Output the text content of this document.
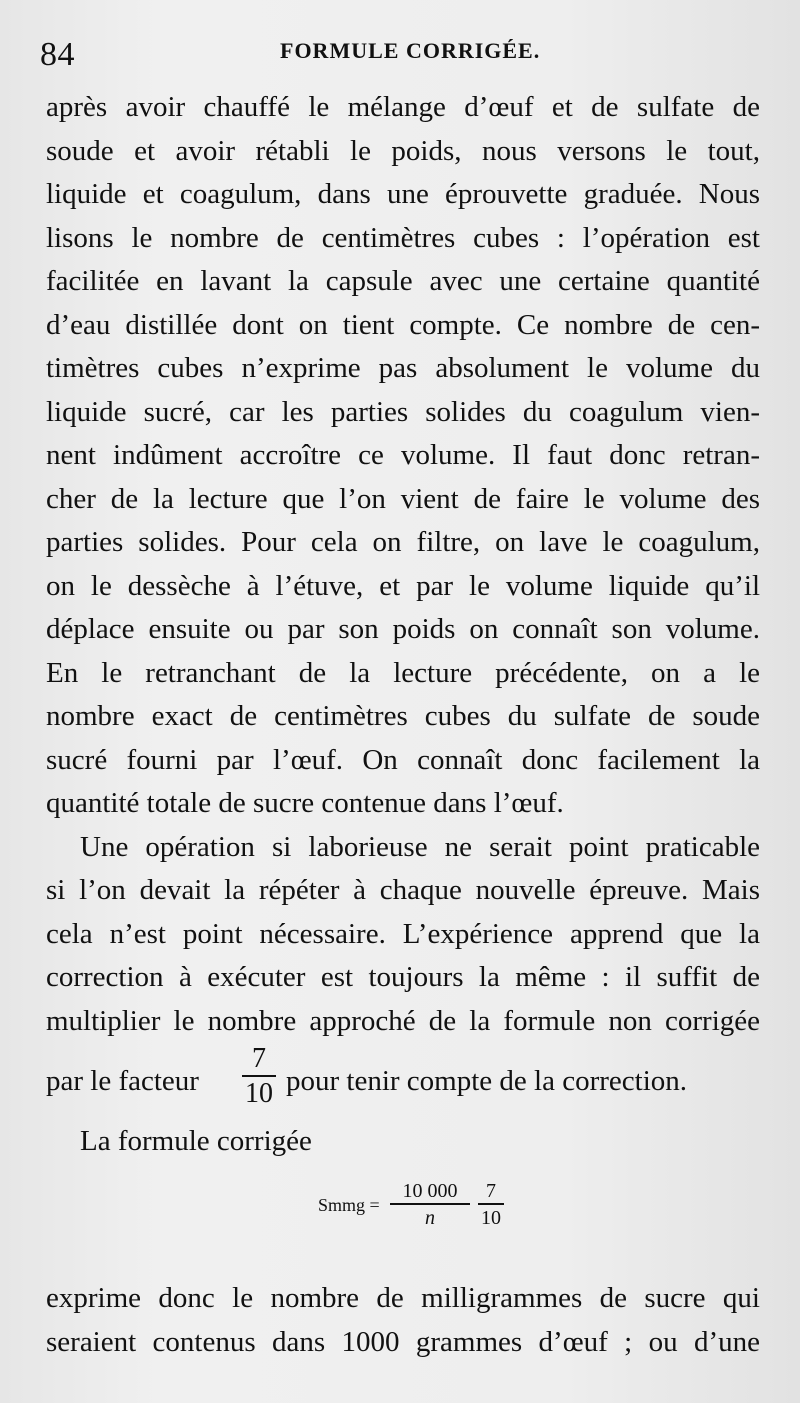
84	FORMULE CORRIGÉE.
après avoir chauffé le mélange d’œuf et de sulfate de
soude et avoir rétabli le poids, nous versons le tout,
liquide et coagulum, dans une éprouvette graduée. Nous
lisons le nombre de centimètres cubes : l’opération est
facilitée en lavant la capsule avec une certaine quantité
d’eau distillée dont on tient compte. Ce nombre de cen-
timètres cubes n’exprime pas absolument le volume du
liquide sucré, car les parties solides du coagulum vien-
nent indûment accroître ce volume. Il faut donc retran-
cher de la lecture que l’on vient de faire le volume des
parties solides. Pour cela on filtre, on lave le coagulum,
on le dessèche à l’étuve, et par le volume liquide qu’il
déplace ensuite ou par son poids on connaît son volume.
En le retranchant de la lecture précédente, on a le
nombre exact de centimètres cubes du sulfate de soude
sucré fourni par l’œuf. On connaît donc facilement la
quantité totale de sucre contenue dans l’œuf.
Une opération si laborieuse ne serait point praticable
si l’on devait la répéter à chaque nouvelle épreuve. Mais
cela n’est point nécessaire. L’expérience apprend que la
correction à exécuter est toujours la même : il suffit de
multiplier le nombre approché de la formule non corrigée
par le facteur
7
10 pour tenir compte de la correction.
La formule corrigée
Smmg =
10 000
n
7
10
exprime donc le nombre de milligrammes de sucre qui
seraient contenus dans 1000 grammes d’œuf ; ou d’une
